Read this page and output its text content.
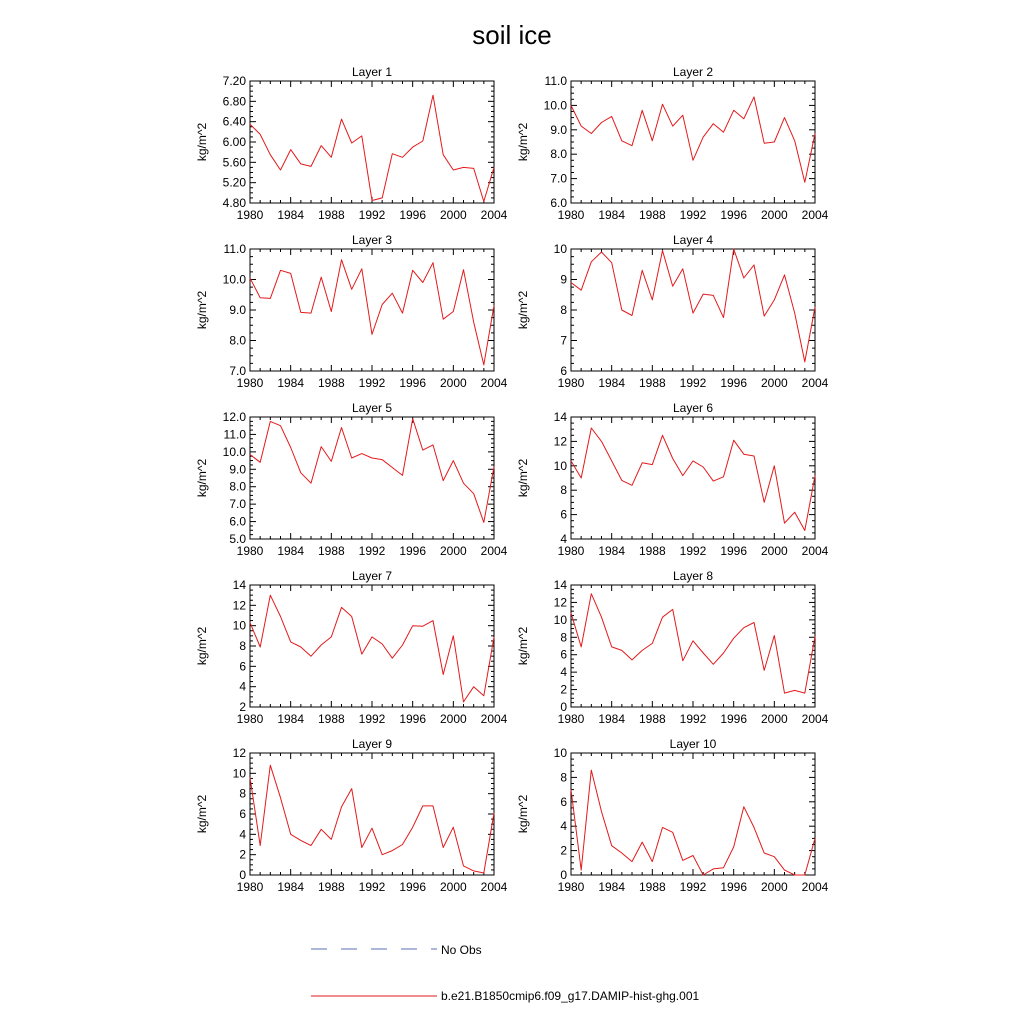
soil ice
Layer 1
kg/m^2
1980 1984 1988 1992 1996 2000 2004
4.80
5.20
5.60
6.00
6.40
6.80
7.20
Layer 2
kg/m^2
1980 1984 1988 1992 1996 2000 2004
6.0
7.0
8.0
9.0
10.0
11.0
Layer 3
kg/m^2
1980 1984 1988 1992 1996 2000 2004
7.0
8.0
9.0
10.0
11.0
Layer 4
kg/m^2
1980 1984 1988 1992 1996 2000 2004
6
7
8
9
10
Layer 5
kg/m^2
1980 1984 1988 1992 1996 2000 2004
5.0
6.0
7.0
8.0
9.0
10.0
11.0
12.0
Layer 6
kg/m^2
1980 1984 1988 1992 1996 2000 2004
4
6
8
10
12
14
Layer 7
kg/m^2
1980 1984 1988 1992 1996 2000 2004
2
4
6
8
10
12
14
Layer 8
kg/m^2
1980 1984 1988 1992 1996 2000 2004
0
2
4
6
8
10
12
14
Layer 9
kg/m^2
1980 1984 1988 1992 1996 2000 2004
0
2
4
6
8
10
12
Layer 10
kg/m^2
1980 1984 1988 1992 1996 2000 2004
0
2
4
6
8
10
No Obs
b.e21.B1850cmip6.f09_g17.DAMIP-hist-ghg.001
